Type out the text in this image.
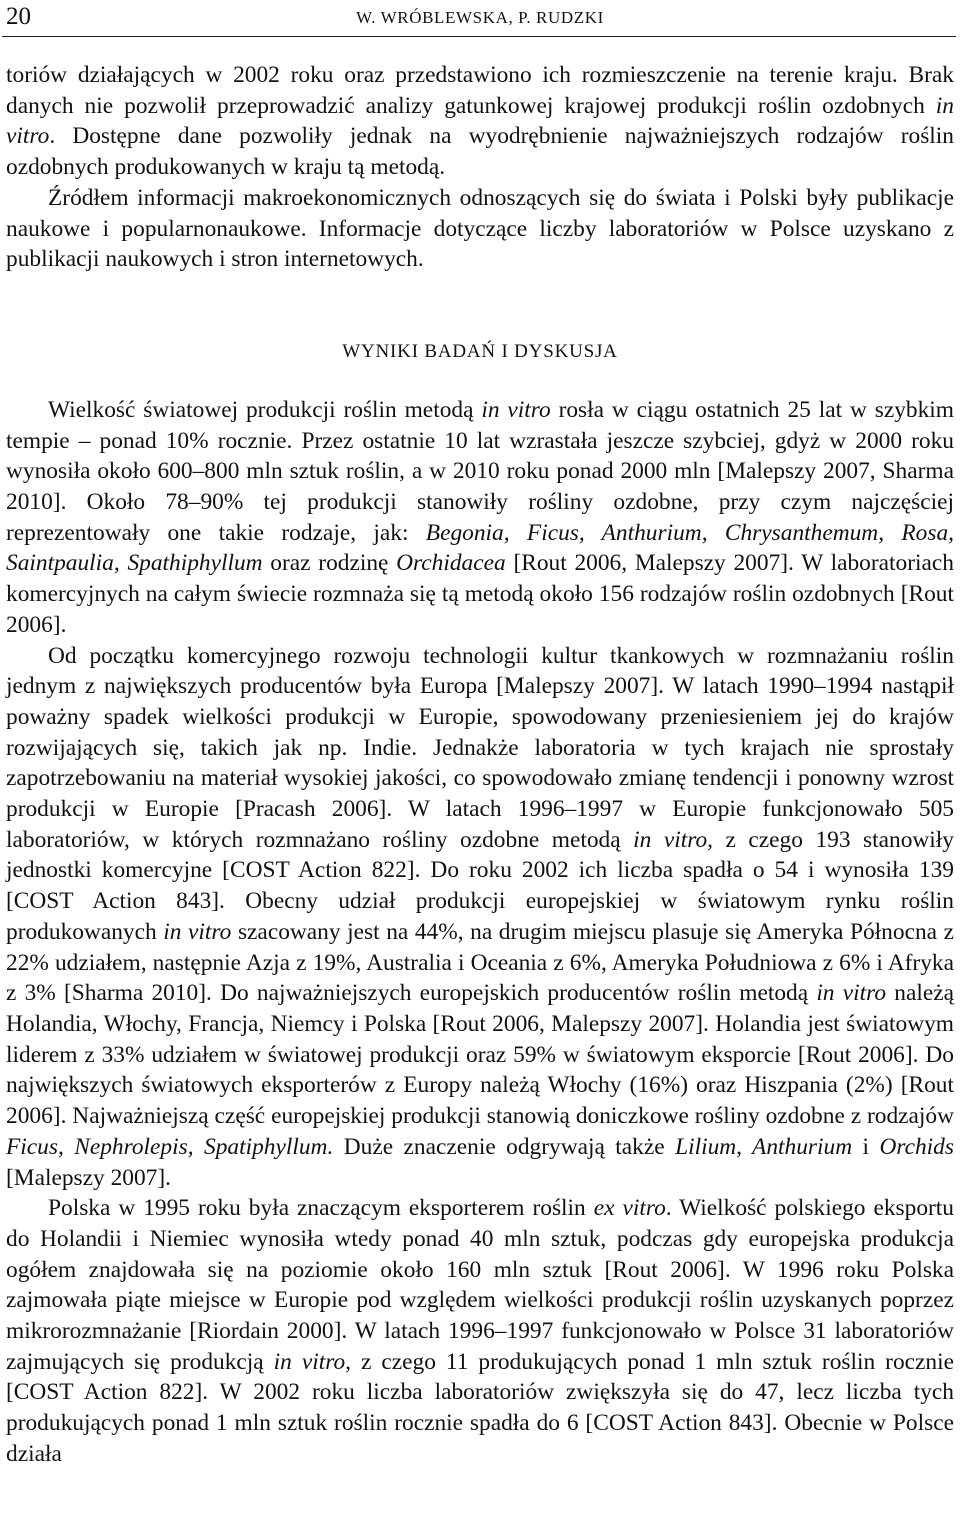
20	W. WRÓBLEWSKA, P. RUDZKI

toriów działających w 2002 roku oraz przedstawiono ich rozmieszczenie na terenie kraju. Brak danych nie pozwolił przeprowadzić analizy gatunkowej krajowej produkcji roślin ozdobnych in vitro. Dostępne dane pozwoliły jednak na wyodrębnienie najważniejszych rodzajów roślin ozdobnych produkowanych w kraju tą metodą.

Źródłem informacji makroekonomicznych odnoszących się do świata i Polski były publikacje naukowe i popularnonaukowe. Informacje dotyczące liczby laboratoriów w Polsce uzyskano z publikacji naukowych i stron internetowych.

WYNIKI BADAŃ I DYSKUSJA

Wielkość światowej produkcji roślin metodą in vitro rosła w ciągu ostatnich 25 lat w szybkim tempie – ponad 10% rocznie. Przez ostatnie 10 lat wzrastała jeszcze szybciej, gdyż w 2000 roku wynosiła około 600–800 mln sztuk roślin, a w 2010 roku ponad 2000 mln [Malepszy 2007, Sharma 2010]. Około 78–90% tej produkcji stanowiły rośliny ozdobne, przy czym najczęściej reprezentowały one takie rodzaje, jak: Begonia, Ficus, Anthurium, Chrysanthemum, Rosa, Saintpaulia, Spathiphyllum oraz rodzinę Orchidacea [Rout 2006, Malepszy 2007]. W laboratoriach komercyjnych na całym świecie rozmnaża się tą metodą około 156 rodzajów roślin ozdobnych [Rout 2006].

Od początku komercyjnego rozwoju technologii kultur tkankowych w rozmnażaniu roślin jednym z największych producentów była Europa [Malepszy 2007]. W latach 1990–1994 nastąpił poważny spadek wielkości produkcji w Europie, spowodowany przeniesieniem jej do krajów rozwijających się, takich jak np. Indie. Jednakże laboratoria w tych krajach nie sprostały zapotrzebowaniu na materiał wysokiej jakości, co spowodowało zmianę tendencji i ponowny wzrost produkcji w Europie [Pracash 2006]. W latach 1996–1997 w Europie funkcjonowało 505 laboratoriów, w których rozmnażano rośliny ozdobne metodą in vitro, z czego 193 stanowiły jednostki komercyjne [COST Action 822]. Do roku 2002 ich liczba spadła o 54 i wynosiła 139 [COST Action 843]. Obecny udział produkcji europejskiej w światowym rynku roślin produkowanych in vitro szacowany jest na 44%, na drugim miejscu plasuje się Ameryka Północna z 22% udziałem, następnie Azja z 19%, Australia i Oceania z 6%, Ameryka Południowa z 6% i Afryka z 3% [Sharma 2010]. Do najważniejszych europejskich producentów roślin metodą in vitro należą Holandia, Włochy, Francja, Niemcy i Polska [Rout 2006, Malepszy 2007]. Holandia jest światowym liderem z 33% udziałem w światowej produkcji oraz 59% w światowym eksporcie [Rout 2006]. Do największych światowych eksporterów z Europy należą Włochy (16%) oraz Hiszpania (2%) [Rout 2006]. Najważniejszą część europejskiej produkcji stanowią doniczkowe rośliny ozdobne z rodzajów Ficus, Nephrolepis, Spatiphyllum. Duże znaczenie odgrywają także Lilium, Anthurium i Orchids [Malepszy 2007].

Polska w 1995 roku była znaczącym eksporterem roślin ex vitro. Wielkość polskiego eksportu do Holandii i Niemiec wynosiła wtedy ponad 40 mln sztuk, podczas gdy europejska produkcja ogółem znajdowała się na poziomie około 160 mln sztuk [Rout 2006]. W 1996 roku Polska zajmowała piąte miejsce w Europie pod względem wielkości produkcji roślin uzyskanych poprzez mikrorozmnażanie [Riordain 2000]. W latach 1996–1997 funkcjonowało w Polsce 31 laboratoriów zajmujących się produkcją in vitro, z czego 11 produkujących ponad 1 mln sztuk roślin rocznie [COST Action 822]. W 2002 roku liczba laboratoriów zwiększyła się do 47, lecz liczba tych produkujących ponad 1 mln sztuk roślin rocznie spadła do 6 [COST Action 843]. Obecnie w Polsce działa
